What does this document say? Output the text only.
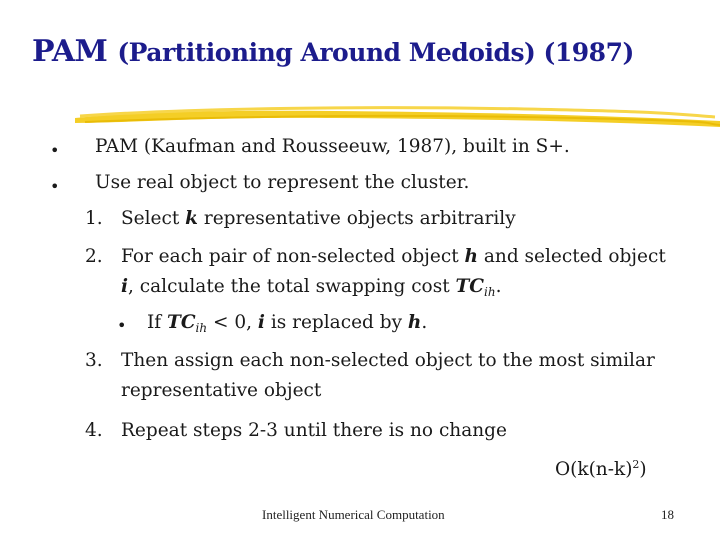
PAM (Partitioning Around Medoids) (1987)
• PAM (Kaufman and Rousseeuw, 1987), built in S+.
• Use real object to represent the cluster.
1. Select k representative objects arbitrarily
2. For each pair of non-selected object h and selected object
i, calculate the total swapping cost $TC_{ih}$.
• If $TC_{ih} < 0$, i is replaced by h.
3. Then assign each non-selected object to the most similar
representative object
4. Repeat steps 2-3 until there is no change
$O(k(n-k)^2)$
Intelligent Numerical Computation	18
